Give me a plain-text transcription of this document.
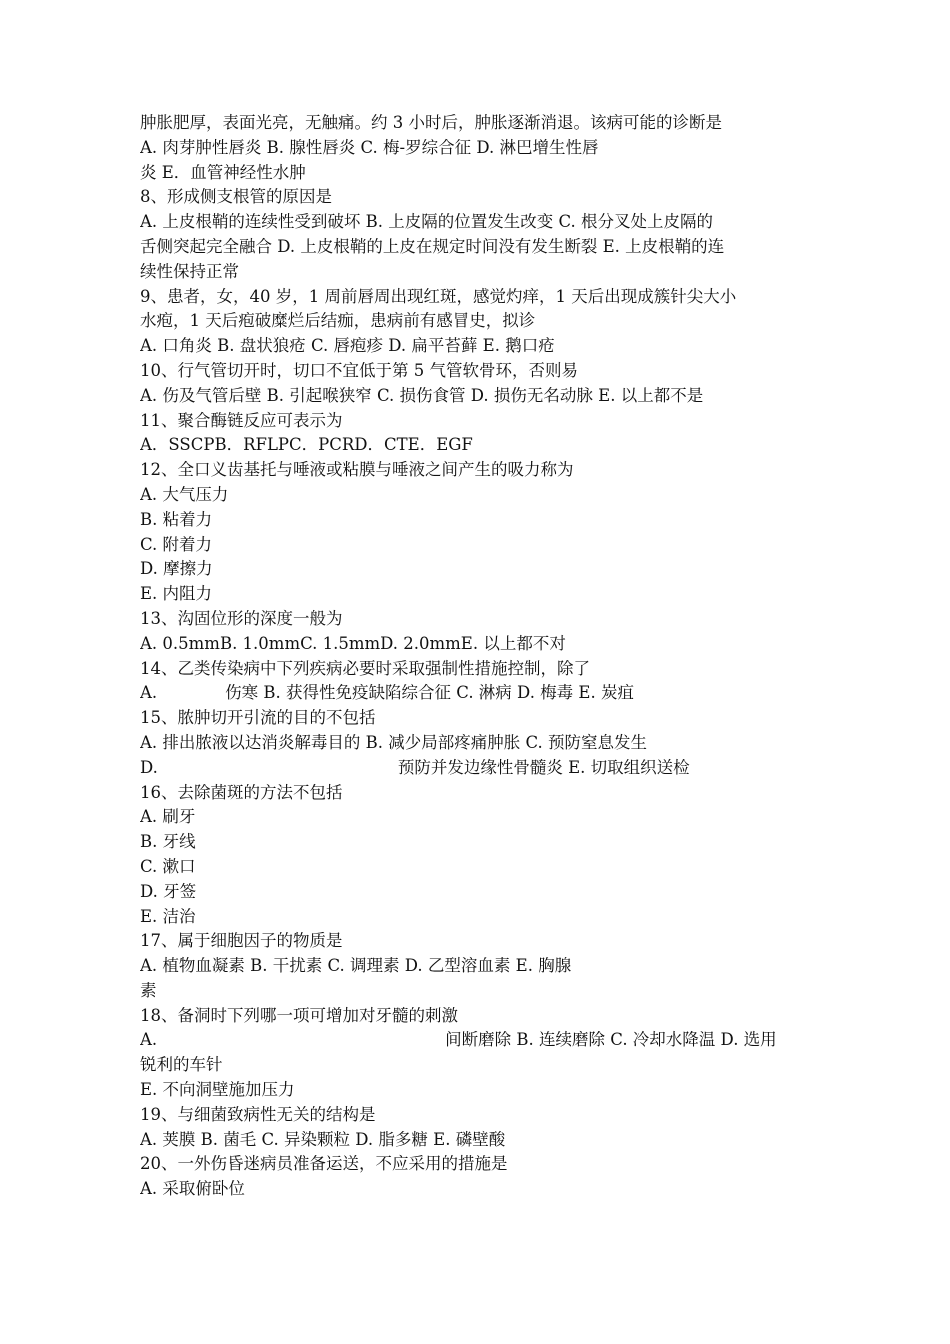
肿胀肥厚，表面光亮，无触痛。约 3 小时后，肿胀逐渐消退。该病可能的诊断是
A. 肉芽肿性唇炎 B. 腺性唇炎 C. 梅-罗综合征 D. 淋巴增生性唇
炎 E．血管神经性水肿
8、形成侧支根管的原因是
A. 上皮根鞘的连续性受到破坏 B. 上皮隔的位置发生改变 C. 根分叉处上皮隔的
舌侧突起完全融合 D. 上皮根鞘的上皮在规定时间没有发生断裂 E. 上皮根鞘的连
续性保持正常
9、患者，女，40 岁，1 周前唇周出现红斑，感觉灼痒，1 天后出现成簇针尖大小
水疱，1 天后疱破糜烂后结痂，患病前有感冒史，拟诊
A. 口角炎 B. 盘状狼疮 C. 唇疱疹 D. 扁平苔藓 E. 鹅口疮
10、行气管切开时，切口不宜低于第 5 气管软骨环，否则易
A. 伤及气管后壁 B. 引起喉狭窄 C. 损伤食管 D. 损伤无名动脉 E. 以上都不是
11、聚合酶链反应可表示为
A．SSCPB．RFLPC．PCRD．CTE．EGF
12、全口义齿基托与唾液或粘膜与唾液之间产生的吸力称为
A. 大气压力
B. 粘着力
C. 附着力
D. 摩擦力
E. 内阻力
13、沟固位形的深度一般为
A. 0.5mmB. 1.0mmC. 1.5mmD. 2.0mmE. 以上都不对
14、乙类传染病中下列疾病必要时采取强制性措施控制，除了
A.	伤寒 B. 获得性免疫缺陷综合征 C. 淋病 D. 梅毒 E. 炭疽
15、脓肿切开引流的目的不包括
A. 排出脓液以达消炎解毒目的 B. 减少局部疼痛肿胀 C. 预防窒息发生
D.	预防并发边缘性骨髓炎 E. 切取组织送检
16、去除菌斑的方法不包括
A. 刷牙
B. 牙线
C. 漱口
D. 牙签
E. 洁治
17、属于细胞因子的物质是
A. 植物血凝素 B. 干扰素 C. 调理素 D. 乙型溶血素 E. 胸腺
素
18、备洞时下列哪一项可增加对牙髓的刺激
A.	间断磨除 B. 连续磨除 C. 冷却水降温 D. 选用
锐利的车针
E. 不向洞壁施加压力
19、与细菌致病性无关的结构是
A. 荚膜 B. 菌毛 C. 异染颗粒 D. 脂多糖 E. 磷壁酸
20、一外伤昏迷病员准备运送，不应采用的措施是
A. 采取俯卧位
